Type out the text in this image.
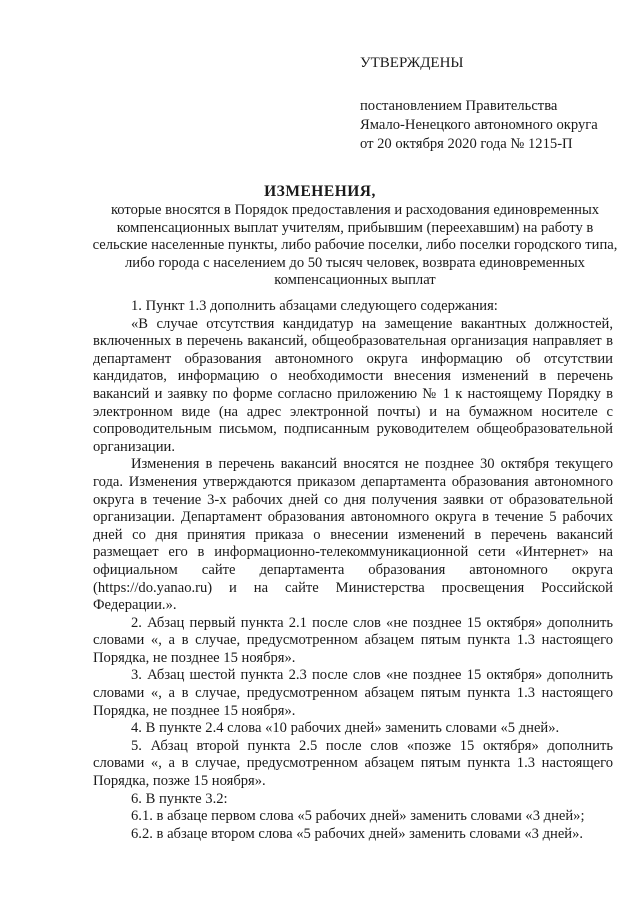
УТВЕРЖДЕНЫ
постановлением Правительства
Ямало-Ненецкого автономного округа
от 20 октября 2020 года № 1215-П
ИЗМЕНЕНИЯ,
которые вносятся в Порядок предоставления и расходования единовременных компенсационных выплат учителям, прибывшим (переехавшим) на работу в сельские населенные пункты, либо рабочие поселки, либо поселки городского типа, либо города с населением до 50 тысяч человек, возврата единовременных компенсационных выплат

1. Пункт 1.3 дополнить абзацами следующего содержания:

«В случае отсутствия кандидатур на замещение вакантных должностей, включенных в перечень вакансий, общеобразовательная организация направляет в департамент образования автономного округа информацию об отсутствии кандидатов, информацию о необходимости внесения изменений в перечень вакансий и заявку по форме согласно приложению № 1 к настоящему Порядку в электронном виде (на адрес электронной почты) и на бумажном носителе с сопроводительным письмом, подписанным руководителем общеобразовательной организации.

Изменения в перечень вакансий вносятся не позднее 30 октября текущего года. Изменения утверждаются приказом департамента образования автономного округа в течение 3-х рабочих дней со дня получения заявки от образовательной организации. Департамент образования автономного округа в течение 5 рабочих дней со дня принятия приказа о внесении изменений в перечень вакансий размещает его в информационно-телекоммуникационной сети «Интернет» на официальном сайте департамента образования автономного округа (https://do.yanao.ru) и на сайте Министерства просвещения Российской Федерации.».

2. Абзац первый пункта 2.1 после слов «не позднее 15 октября» дополнить словами «, а в случае, предусмотренном абзацем пятым пункта 1.3 настоящего Порядка, не позднее 15 ноября».

3. Абзац шестой пункта 2.3 после слов «не позднее 15 октября» дополнить словами «, а в случае, предусмотренном абзацем пятым пункта 1.3 настоящего Порядка, не позднее 15 ноября».

4. В пункте 2.4 слова «10 рабочих дней» заменить словами «5 дней».

5. Абзац второй пункта 2.5 после слов «позже 15 октября» дополнить словами «, а в случае, предусмотренном абзацем пятым пункта 1.3 настоящего Порядка, позже 15 ноября».

6. В пункте 3.2:

6.1. в абзаце первом слова «5 рабочих дней» заменить словами «3 дней»;

6.2. в абзаце втором слова «5 рабочих дней» заменить словами «3 дней».
